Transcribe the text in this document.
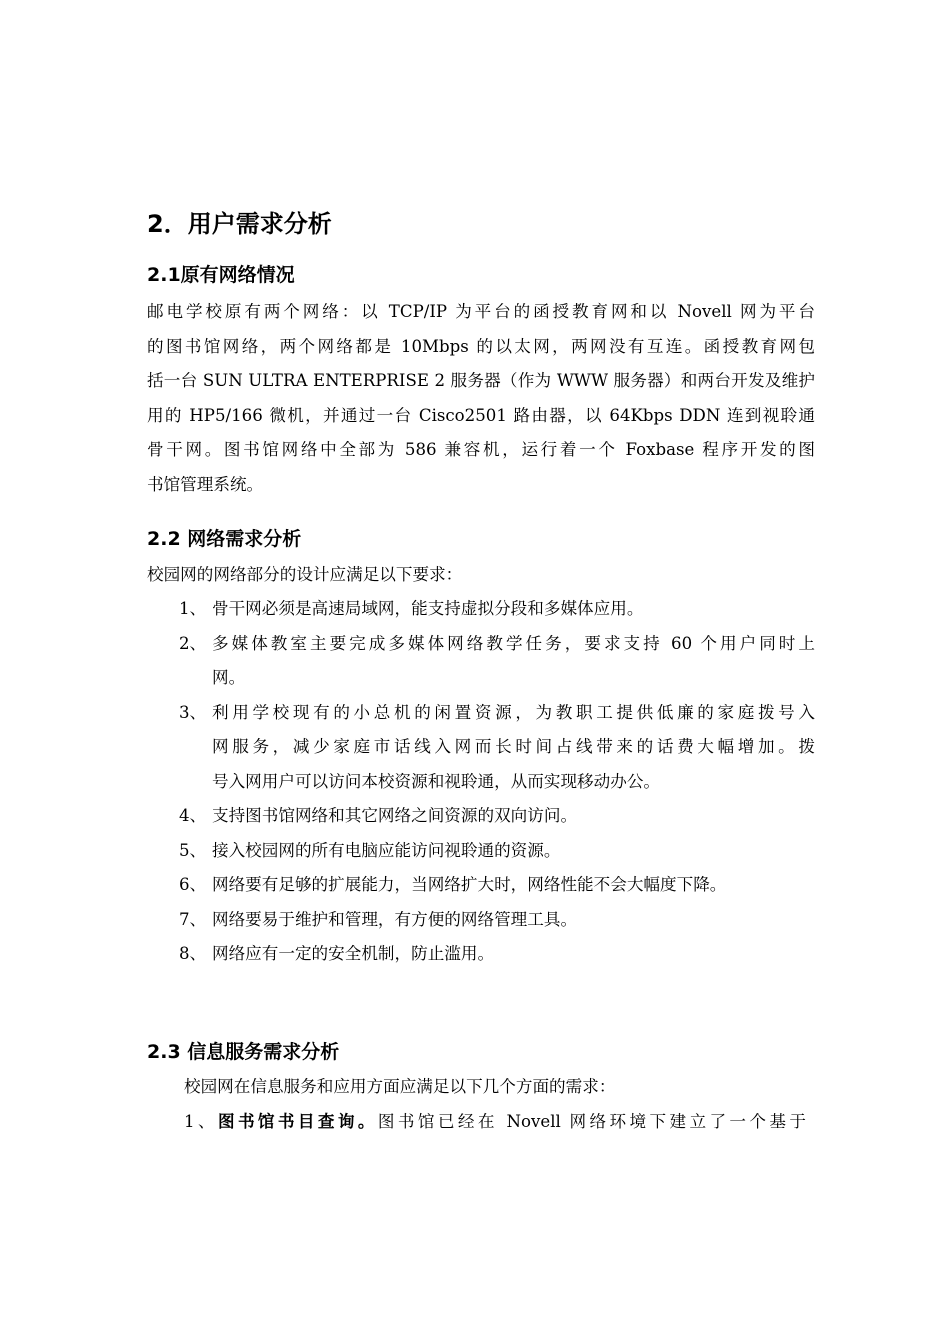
2．用户需求分析
2.1原有网络情况
邮电学校原有两个网络：以 TCP/IP 为平台的函授教育网和以 Novell 网为平台
的图书馆网络，两个网络都是 10Mbps 的以太网，两网没有互连。函授教育网包
括一台 SUN ULTRA ENTERPRISE 2 服务器（作为 WWW 服务器）和两台开发及维护
用的 HP5/166 微机，并通过一台 Cisco2501 路由器，以 64Kbps DDN 连到视聆通
骨干网。图书馆网络中全部为 586 兼容机，运行着一个 Foxbase 程序开发的图
书馆管理系统。
2.2 网络需求分析
校园网的网络部分的设计应满足以下要求：
1、 骨干网必须是高速局域网，能支持虚拟分段和多媒体应用。
2、 多媒体教室主要完成多媒体网络教学任务，要求支持 60 个用户同时上
网。
3、 利用学校现有的小总机的闲置资源，为教职工提供低廉的家庭拨号入
网服务，减少家庭市话线入网而长时间占线带来的话费大幅增加。拨
号入网用户可以访问本校资源和视聆通，从而实现移动办公。
4、 支持图书馆网络和其它网络之间资源的双向访问。
5、 接入校园网的所有电脑应能访问视聆通的资源。
6、 网络要有足够的扩展能力，当网络扩大时，网络性能不会大幅度下降。
7、 网络要易于维护和管理，有方便的网络管理工具。
8、 网络应有一定的安全机制，防止滥用。
2.3 信息服务需求分析
校园网在信息服务和应用方面应满足以下几个方面的需求：
1、图书馆书目查询。图书馆已经在 Novell 网络环境下建立了一个基于
